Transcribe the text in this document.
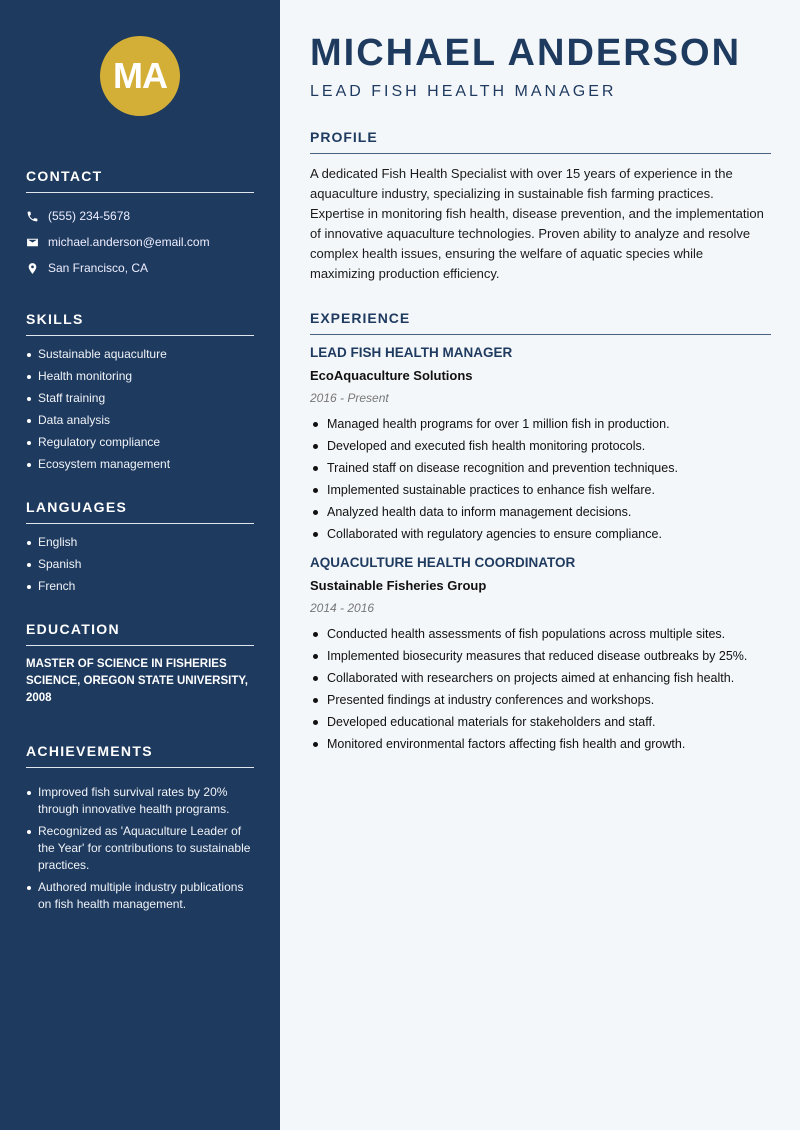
MA
CONTACT
(555) 234-5678
michael.anderson@email.com
San Francisco, CA
SKILLS
Sustainable aquaculture
Health monitoring
Staff training
Data analysis
Regulatory compliance
Ecosystem management
LANGUAGES
English
Spanish
French
EDUCATION
MASTER OF SCIENCE IN FISHERIES SCIENCE, OREGON STATE UNIVERSITY, 2008
ACHIEVEMENTS
Improved fish survival rates by 20% through innovative health programs.
Recognized as 'Aquaculture Leader of the Year' for contributions to sustainable practices.
Authored multiple industry publications on fish health management.
MICHAEL ANDERSON
LEAD FISH HEALTH MANAGER
PROFILE
A dedicated Fish Health Specialist with over 15 years of experience in the aquaculture industry, specializing in sustainable fish farming practices. Expertise in monitoring fish health, disease prevention, and the implementation of innovative aquaculture technologies. Proven ability to analyze and resolve complex health issues, ensuring the welfare of aquatic species while maximizing production efficiency.
EXPERIENCE
LEAD FISH HEALTH MANAGER
EcoAquaculture Solutions
2016 - Present
Managed health programs for over 1 million fish in production.
Developed and executed fish health monitoring protocols.
Trained staff on disease recognition and prevention techniques.
Implemented sustainable practices to enhance fish welfare.
Analyzed health data to inform management decisions.
Collaborated with regulatory agencies to ensure compliance.
AQUACULTURE HEALTH COORDINATOR
Sustainable Fisheries Group
2014 - 2016
Conducted health assessments of fish populations across multiple sites.
Implemented biosecurity measures that reduced disease outbreaks by 25%.
Collaborated with researchers on projects aimed at enhancing fish health.
Presented findings at industry conferences and workshops.
Developed educational materials for stakeholders and staff.
Monitored environmental factors affecting fish health and growth.
